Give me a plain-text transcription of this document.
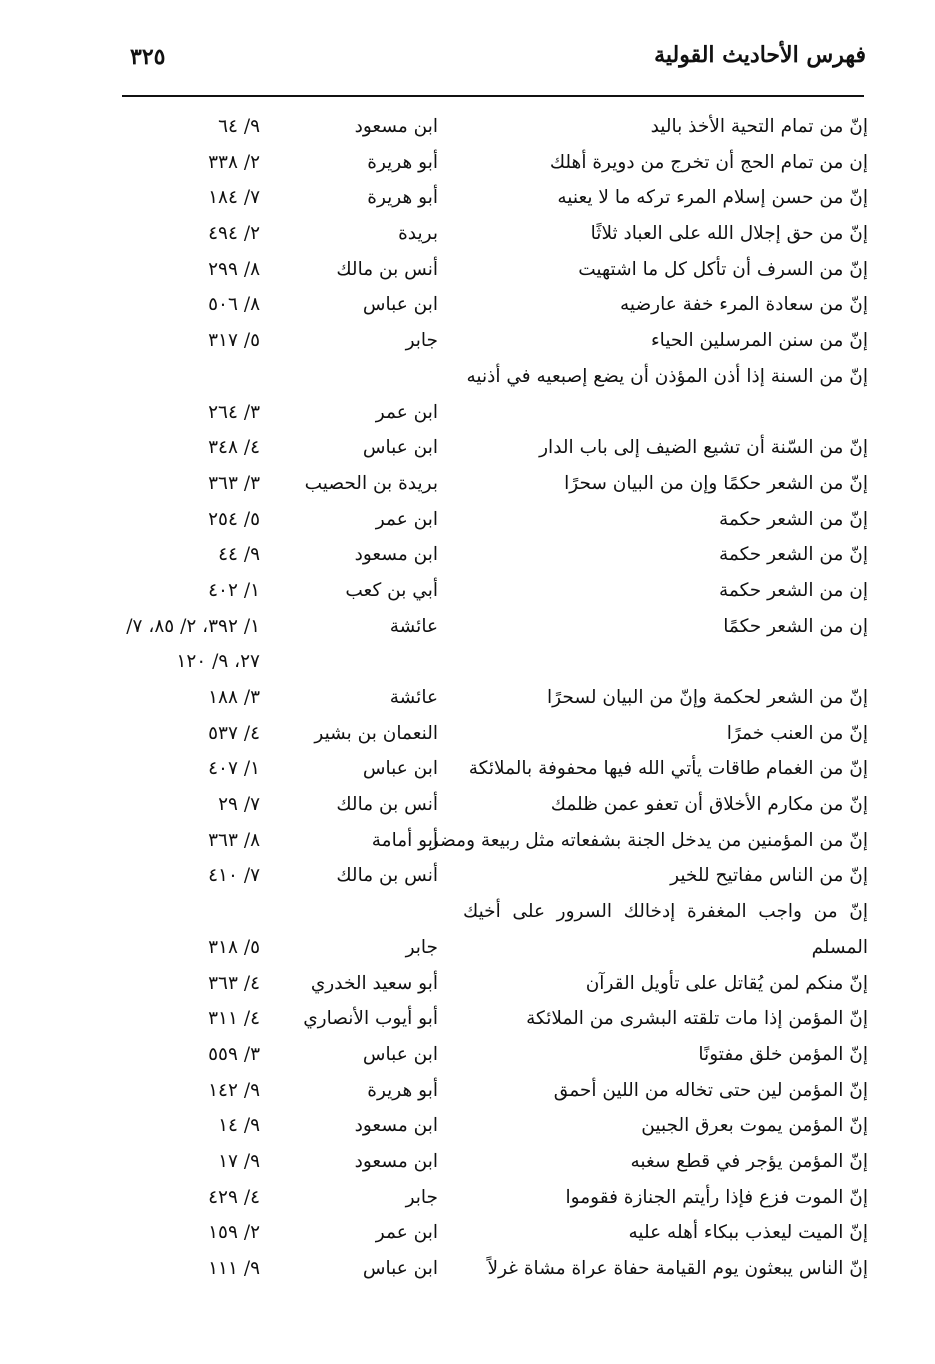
فهرس الأحاديث القولية
٣٢٥
إنّ من تمام التحية الأخذ باليد
ابن مسعود
٩/ ٦٤
إن من تمام الحج أن تخرج من دويرة أهلك
أبو هريرة
٢/ ٣٣٨
إنّ من حسن إسلام المرء تركه ما لا يعنيه
أبو هريرة
٧/ ١٨٤
إنّ من حق إجلال الله على العباد ثلاثًا
بريدة
٢/ ٤٩٤
إنّ من السرف أن تأكل كل ما اشتهيت
أنس بن مالك
٨/ ٢٩٩
إنّ من سعادة المرء خفة عارضيه
ابن عباس
٨/ ٥٠٦
إنّ من سنن المرسلين الحياء
جابر
٥/ ٣١٧
إنّ من السنة إذا أذن المؤذن أن يضع إصبعيه في أذنيه
ابن عمر
٣/ ٢٦٤
إنّ من السّنة أن تشيع الضيف إلى باب الدار
ابن عباس
٤/ ٣٤٨
إنّ من الشعر حكمًا وإن من البيان سحرًا
بريدة بن الحصيب
٣/ ٣٦٣
إنّ من الشعر حكمة
ابن عمر
٥/ ٢٥٤
إنّ من الشعر حكمة
ابن مسعود
٩/ ٤٤
إن من الشعر حكمة
أبي بن كعب
١/ ٤٠٢
إن من الشعر حكمًا
عائشة
١/ ٣٩٢، ٢/ ٨٥، ٧/ ٢٧، ٩/ ١٢٠
إنّ من الشعر لحكمة وإنّ من البيان لسحرًا
عائشة
٣/ ١٨٨
إنّ من العنب خمرًا
النعمان بن بشير
٤/ ٥٣٧
إنّ من الغمام طاقات يأتي الله فيها محفوفة بالملائكة
ابن عباس
١/ ٤٠٧
إنّ من مكارم الأخلاق أن تعفو عمن ظلمك
أنس بن مالك
٧/ ٢٩
إنّ من المؤمنين من يدخل الجنة بشفعاته مثل ربيعة ومضر
أبو أمامة
٨/ ٣٦٣
إنّ من الناس مفاتيح للخير
أنس بن مالك
٧/ ٤١٠
إنّ من واجب المغفرة إدخالك السرور على أخيك المسلم
جابر
٥/ ٣١٨
إنّ منكم لمن يُقاتل على تأويل القرآن
أبو سعيد الخدري
٤/ ٣٦٣
إنّ المؤمن إذا مات تلقته البشرى من الملائكة
أبو أيوب الأنصاري
٤/ ٣١١
إنّ المؤمن خلق مفتونًا
ابن عباس
٣/ ٥٥٩
إنّ المؤمن لين حتى تخاله من اللين أحمق
أبو هريرة
٩/ ١٤٢
إنّ المؤمن يموت بعرق الجبين
ابن مسعود
٩/ ١٤
إنّ المؤمن يؤجر في قطع سغبه
ابن مسعود
٩/ ١٧
إنّ الموت فزع فإذا رأيتم الجنازة فقوموا
جابر
٤/ ٤٢٩
إنّ الميت ليعذب ببكاء أهله عليه
ابن عمر
٢/ ١٥٩
إنّ الناس يبعثون يوم القيامة حفاة عراة مشاة غرلاً
ابن عباس
٩/ ١١١
